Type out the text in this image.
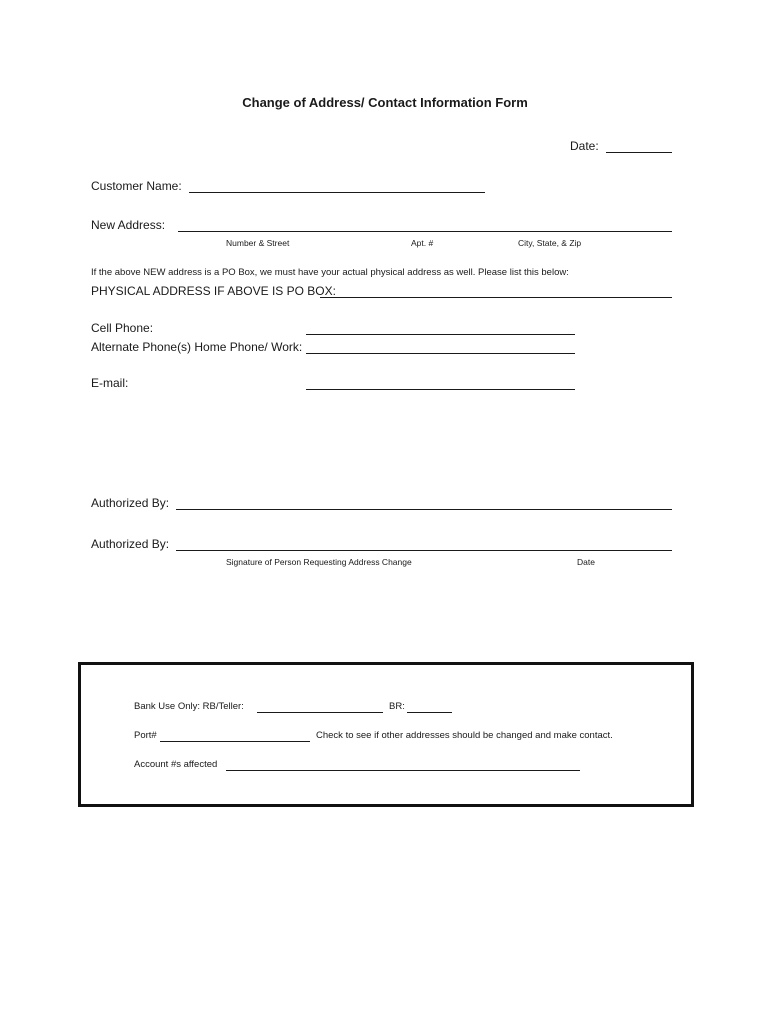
Change of Address/ Contact Information Form
Date:
Customer Name:
New Address:
Number & Street	Apt. #	City, State, & Zip
If the above NEW address is a PO Box, we must have your actual physical address as well. Please list this below:
PHYSICAL ADDRESS IF ABOVE IS PO BOX:
Cell Phone:
Alternate Phone(s) Home Phone/ Work:
E-mail:
Authorized By:
Authorized By:
Signature of Person Requesting Address Change	Date
Bank Use Only: RB/Teller:	BR:
Port#	Check to see if other addresses should be changed and make contact.
Account #s affected
